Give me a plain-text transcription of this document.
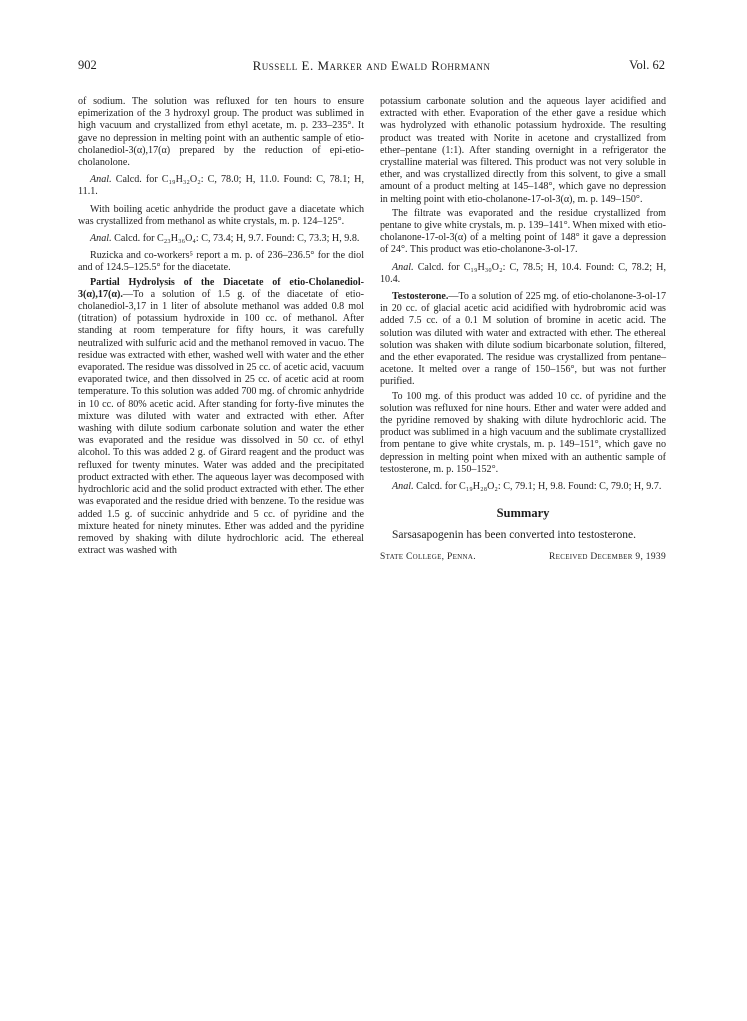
902	Russell E. Marker and Ewald Rohrmann	Vol. 62

of sodium. The solution was refluxed for ten hours to ensure epimerization of the 3 hydroxyl group. The product was sublimed in high vacuum and crystallized from ethyl acetate, m. p. 233–235°. It gave no depression in melting point with an authentic sample of etio-cholanediol-3(α),17(α) prepared by the reduction of epi-etio-cholanolone.

Anal. Calcd. for C₁₉H₃₂O₂: C, 78.0; H, 11.0. Found: C, 78.1; H, 11.1.

With boiling acetic anhydride the product gave a diacetate which was crystallized from methanol as white crystals, m. p. 124–125°.

Anal. Calcd. for C₂₃H₃₆O₄: C, 73.4; H, 9.7. Found: C, 73.3; H, 9.8.

Ruzicka and co-workers⁵ report a m. p. of 236–236.5° for the diol and of 124.5–125.5° for the diacetate.

Partial Hydrolysis of the Diacetate of etio-Cholanediol-3(α),17(α).—To a solution of 1.5 g. of the diacetate of etio-cholanediol-3,17 in 1 liter of absolute methanol was added 0.8 mol (titration) of potassium hydroxide in 100 cc. of methanol. After standing at room temperature for fifty hours, it was carefully neutralized with sulfuric acid and the methanol removed in vacuo. The residue was extracted with ether, washed well with water and the ether evaporated. The residue was dissolved in 25 cc. of acetic acid, vacuum evaporated twice, and then dissolved in 25 cc. of acetic acid at room temperature. To this solution was added 700 mg. of chromic anhydride in 10 cc. of 80% acetic acid. After standing for forty-five minutes the mixture was diluted with water and extracted with ether. After washing with dilute sodium carbonate solution and water the ether was evaporated and the residue was dissolved in 50 cc. of ethyl alcohol. To this was added 2 g. of Girard reagent and the product was refluxed for twenty minutes. Water was added and the precipitated product extracted with ether. The aqueous layer was decomposed with hydrochloric acid and the solid product extracted with ether. The ether was evaporated and the residue dried with benzene. To the residue was added 1.5 g. of succinic anhydride and 5 cc. of pyridine and the mixture heated for ninety minutes. Ether was added and the pyridine removed by shaking with dilute hydrochloric acid. The ethereal extract was washed with

potassium carbonate solution and the aqueous layer acidified and extracted with ether. Evaporation of the ether gave a residue which was hydrolyzed with ethanolic potassium hydroxide. The resulting product was treated with Norite in acetone and crystallized from ether–pentane (1:1). After standing overnight in a refrigerator the crystalline material was filtered. This product was not very soluble in ether, and was crystallized directly from this solvent, to give a small amount of a product melting at 145–148°, which gave no depression in melting point with etio-cholanone-17-ol-3(α), m. p. 149–150°.

The filtrate was evaporated and the residue crystallized from pentane to give white crystals, m. p. 139–141°. When mixed with etio-cholanone-17-ol-3(α) of a melting point of 148° it gave a depression of 24°. This product was etio-cholanone-3-ol-17.

Anal. Calcd. for C₁₉H₃₀O₂: C, 78.5; H, 10.4. Found: C, 78.2; H, 10.4.

Testosterone.—To a solution of 225 mg. of etio-cholanone-3-ol-17 in 20 cc. of glacial acetic acid acidified with hydrobromic acid was added 7.5 cc. of a 0.1 M solution of bromine in acetic acid. The solution was diluted with water and extracted with ether. The ethereal solution was shaken with dilute sodium bicarbonate solution, filtered, and the ether evaporated. The residue was crystallized from pentane–acetone. It melted over a range of 150–156°, but was not further purified.

To 100 mg. of this product was added 10 cc. of pyridine and the solution was refluxed for nine hours. Ether and water were added and the pyridine removed by shaking with dilute hydrochloric acid. The product was sublimed in a high vacuum and the sublimate crystallized from pentane to give white crystals, m. p. 149–151°, which gave no depression in melting point when mixed with an authentic sample of testosterone, m. p. 150–152°.

Anal. Calcd. for C₁₉H₂₈O₂: C, 79.1; H, 9.8. Found: C, 79.0; H, 9.7.

Summary
Sarsasapogenin has been converted into testosterone.
State College, Penna.	Received December 9, 1939
